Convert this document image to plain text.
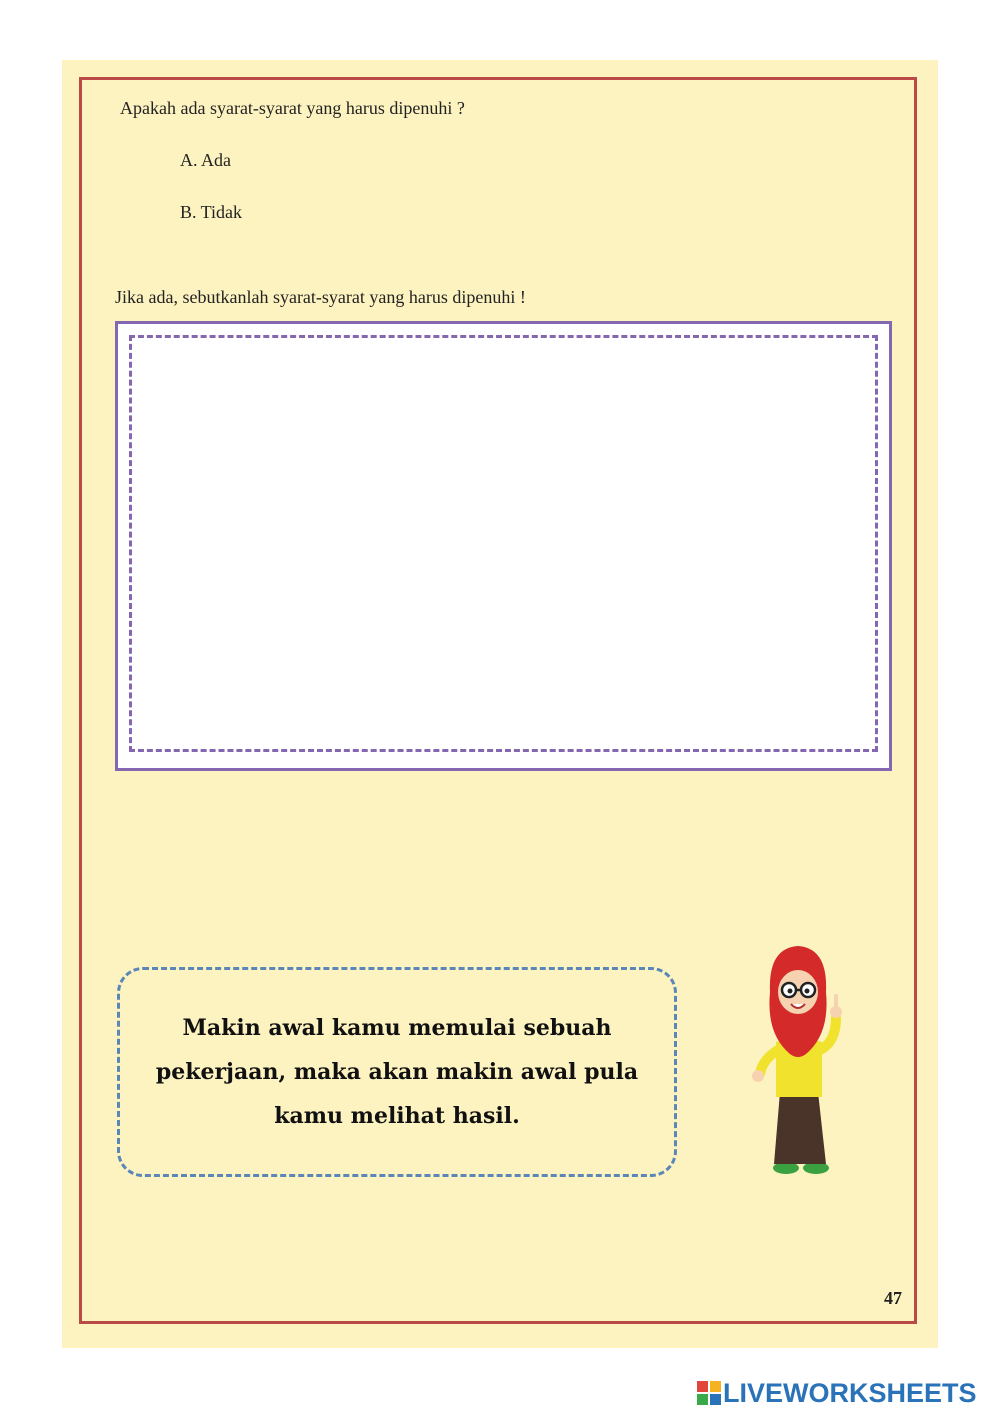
Apakah ada syarat-syarat yang harus dipenuhi ?
A. Ada
B. Tidak
Jika ada, sebutkanlah syarat-syarat yang harus dipenuhi !
Makin awal kamu memulai sebuah
pekerjaan, maka akan makin awal pula
kamu melihat hasil.
47
LIVEWORKSHEETS
